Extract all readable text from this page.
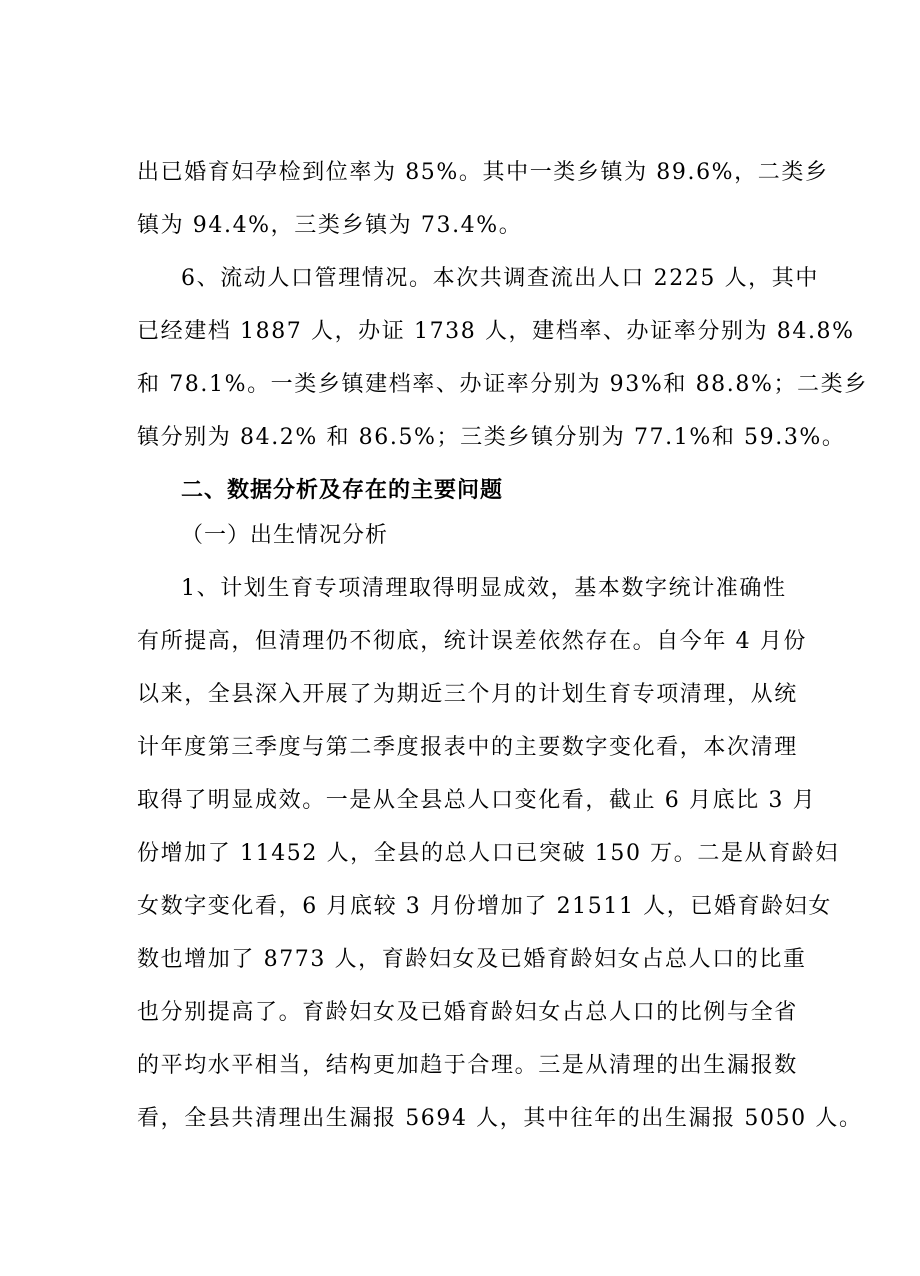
出已婚育妇孕检到位率为 85%。其中一类乡镇为 89.6%，二类乡
镇为 94.4%，三类乡镇为 73.4%。
6、流动人口管理情况。本次共调查流出人口 2225 人，其中
已经建档 1887 人，办证 1738 人，建档率、办证率分别为 84.8%
和 78.1%。一类乡镇建档率、办证率分别为 93%和 88.8%；二类乡
镇分别为 84.2% 和 86.5%；三类乡镇分别为 77.1%和 59.3%。
二、数据分析及存在的主要问题
（一）出生情况分析
1、计划生育专项清理取得明显成效，基本数字统计准确性
有所提高，但清理仍不彻底，统计误差依然存在。自今年 4 月份
以来，全县深入开展了为期近三个月的计划生育专项清理，从统
计年度第三季度与第二季度报表中的主要数字变化看，本次清理
取得了明显成效。一是从全县总人口变化看，截止 6 月底比 3 月
份增加了 11452 人，全县的总人口已突破 150 万。二是从育龄妇
女数字变化看，6 月底较 3 月份增加了 21511 人，已婚育龄妇女
数也增加了 8773 人，育龄妇女及已婚育龄妇女占总人口的比重
也分别提高了。育龄妇女及已婚育龄妇女占总人口的比例与全省
的平均水平相当，结构更加趋于合理。三是从清理的出生漏报数
看，全县共清理出生漏报 5694 人，其中往年的出生漏报 5050 人。
